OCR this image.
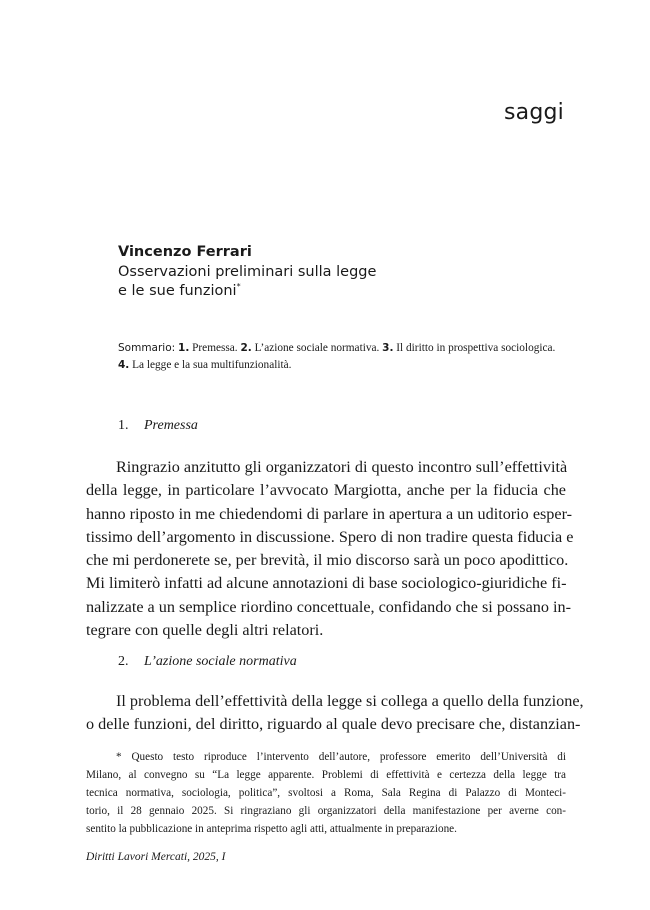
saggi
Vincenzo Ferrari
Osservazioni preliminari sulla legge
e le sue funzioni*
Sommario: 1. Premessa. 2. L’azione sociale normativa. 3. Il diritto in prospettiva sociologica.
4. La legge e la sua multifunzionalità.
1. Premessa

Ringrazio anzitutto gli organizzatori di questo incontro sull’effettività
della legge, in particolare l’avvocato Margiotta, anche per la fiducia che
hanno riposto in me chiedendomi di parlare in apertura a un uditorio esper-
tissimo dell’argomento in discussione. Spero di non tradire questa fiducia e
che mi perdonerete se, per brevità, il mio discorso sarà un poco apodittico.
Mi limiterò infatti ad alcune annotazioni di base sociologico-giuridiche fi-
nalizzate a un semplice riordino concettuale, confidando che si possano in-
tegrare con quelle degli altri relatori.

2. L’azione sociale normativa

Il problema dell’effettività della legge si collega a quello della funzione,
o delle funzioni, del diritto, riguardo al quale devo precisare che, distanzian-

* Questo testo riproduce l’intervento dell’autore, professore emerito dell’Università di
Milano, al convegno su “La legge apparente. Problemi di effettività e certezza della legge tra
tecnica normativa, sociologia, politica”, svoltosi a Roma, Sala Regina di Palazzo di Monteci-
torio, il 28 gennaio 2025. Si ringraziano gli organizzatori della manifestazione per averne con-
sentito la pubblicazione in anteprima rispetto agli atti, attualmente in preparazione.

Diritti Lavori Mercati, 2025, I
